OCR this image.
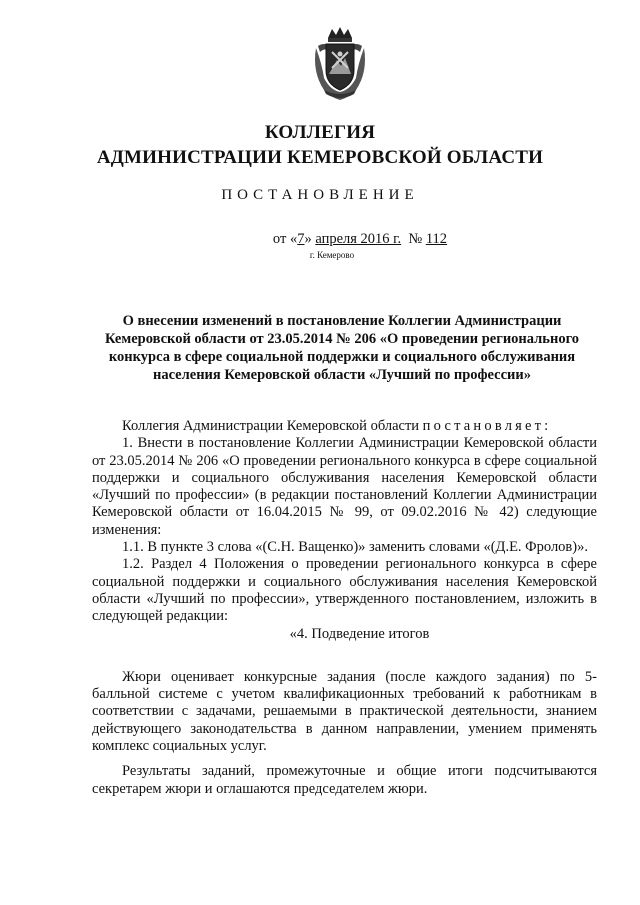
КОЛЛЕГИЯ
АДМИНИСТРАЦИИ КЕМЕРОВСКОЙ ОБЛАСТИ
ПОСТАНОВЛЕНИЕ
от «7» апреля 2016 г. № 112
г. Кемерово
О внесении изменений в постановление Коллегии Администрации
Кемеровской области от 23.05.2014 № 206 «О проведении регионального
конкурса в сфере социальной поддержки и социального обслуживания
населения Кемеровской области «Лучший по профессии»

Коллегия Администрации Кемеровской области постановляет:

1. Внести в постановление Коллегии Администрации Кемеровской области от 23.05.2014 № 206 «О проведении регионального конкурса в сфере социальной поддержки и социального обслуживания населения Кемеровской области «Лучший по профессии» (в редакции постановлений Коллегии Администрации Кемеровской области от 16.04.2015 № 99, от 09.02.2016 № 42) следующие изменения:

1.1. В пункте 3 слова «(С.Н. Ващенко)» заменить словами «(Д.Е. Фролов)».

1.2. Раздел 4 Положения о проведении регионального конкурса в сфере социальной поддержки и социального обслуживания населения Кемеровской области «Лучший по профессии», утвержденного постановлением, изложить в следующей редакции:

«4. Подведение итогов

Жюри оценивает конкурсные задания (после каждого задания) по 5-балльной системе с учетом квалификационных требований к работникам в соответствии с задачами, решаемыми в практической деятельности, знанием действующего законодательства в данном направлении, умением применять комплекс социальных услуг.

Результаты заданий, промежуточные и общие итоги подсчитываются секретарем жюри и оглашаются председателем жюри.
